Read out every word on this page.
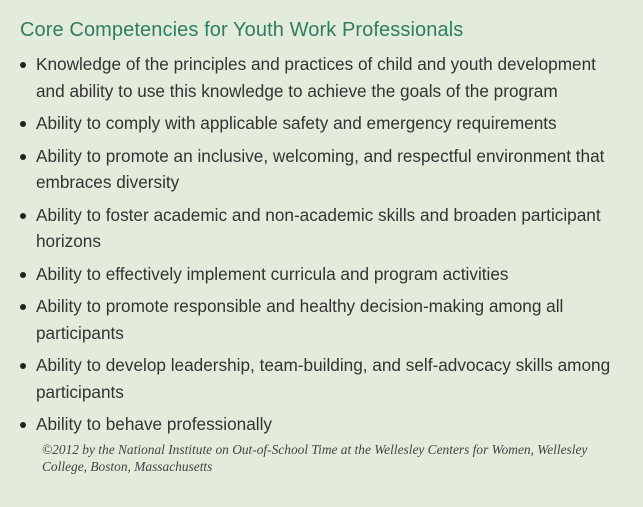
Core Competencies for Youth Work Professionals
Knowledge of the principles and practices of child and youth development and ability to use this knowledge to achieve the goals of the program
Ability to comply with applicable safety and emergency requirements
Ability to promote an inclusive, welcoming, and respectful environment that embraces diversity
Ability to foster academic and non-academic skills and broaden participant horizons
Ability to effectively implement curricula and program activities
Ability to promote responsible and healthy decision-making among all participants
Ability to develop leadership, team-building, and self-advocacy skills among participants
Ability to behave professionally

©2012 by the National Institute on Out-of-School Time at the Wellesley Centers for Women, Wellesley College, Boston, Massachusetts
